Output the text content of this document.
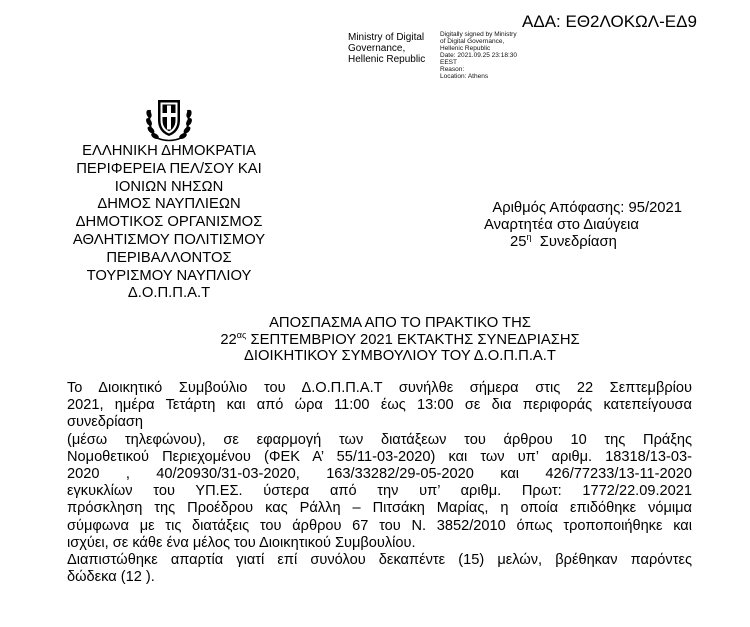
ΑΔΑ: ΕΘ2ΛΟΚΩΛ-ΕΔ9
Ministry of Digital
Governance,
Hellenic Republic
Digitally signed by Ministry
of Digital Governance,
Hellenic Republic
Date: 2021.09.25 23:18:30
EEST
Reason:
Location: Athens
ΕΛΛΗΝΙΚΗ ΔΗΜΟΚΡΑΤΙΑ
ΠΕΡΙΦΕΡΕΙΑ ΠΕΛ/ΣΟΥ ΚΑΙ
ΙΟΝΙΩΝ ΝΗΣΩΝ
ΔΗΜΟΣ ΝΑΥΠΛΙΕΩΝ
ΔΗΜΟΤΙΚΟΣ ΟΡΓΑΝΙΣΜΟΣ
ΑΘΛΗΤΙΣΜΟΥ ΠΟΛΙΤΙΣΜΟΥ
ΠΕΡΙΒΑΛΛΟΝΤΟΣ
ΤΟΥΡΙΣΜΟΥ ΝΑΥΠΛΙΟΥ
Δ.Ο.Π.Π.Α.Τ
Αριθμός Απόφασης: 95/2021
Αναρτητέα στο Διαύγεια
$25^\eta$ Συνεδρίαση
ΑΠΟΣΠΑΣΜΑ ΑΠΟ ΤΟ ΠΡΑΚΤΙΚΟ ΤΗΣ
$22^{\alpha\varsigma}$ ΣΕΠΤΕΜΒΡΙΟΥ 2021 ΕΚΤΑΚΤΗΣ ΣΥΝΕΔΡΙΑΣΗΣ
ΔΙΟΙΚΗΤΙΚΟΥ ΣΥΜΒΟΥΛΙΟΥ ΤΟΥ Δ.Ο.Π.Π.Α.Τ
Το Διοικητικό Συμβούλιο του Δ.Ο.Π.Π.Α.Τ συνήλθε σήμερα στις 22 Σεπτεμβρίου
2021, ημέρα Τετάρτη και από ώρα 11:00 έως 13:00 σε δια περιφοράς κατεπείγουσα
συνεδρίαση
(μέσω τηλεφώνου), σε εφαρμογή των διατάξεων του άρθρου 10 της Πράξης
Νομοθετικού Περιεχομένου (ΦΕΚ Α’ 55/11-03-2020) και των υπ’ αριθμ. 18318/13-03-
2020 , 40/20930/31-03-2020, 163/33282/29-05-2020 και 426/77233/13-11-2020
εγκυκλίων του ΥΠ.ΕΣ. ύστερα από την υπ’ αριθμ. Πρωτ: 1772/22.09.2021
πρόσκληση της Προέδρου κας Ράλλη – Πιτσάκη Μαρίας, η οποία επιδόθηκε νόμιμα
σύμφωνα με τις διατάξεις του άρθρου 67 του Ν. 3852/2010 όπως τροποποιήθηκε και
ισχύει, σε κάθε ένα μέλος του Διοικητικού Συμβουλίου.
Διαπιστώθηκε απαρτία γιατί επί συνόλου δεκαπέντε (15) μελών, βρέθηκαν παρόντες
δώδεκα (12 ).
